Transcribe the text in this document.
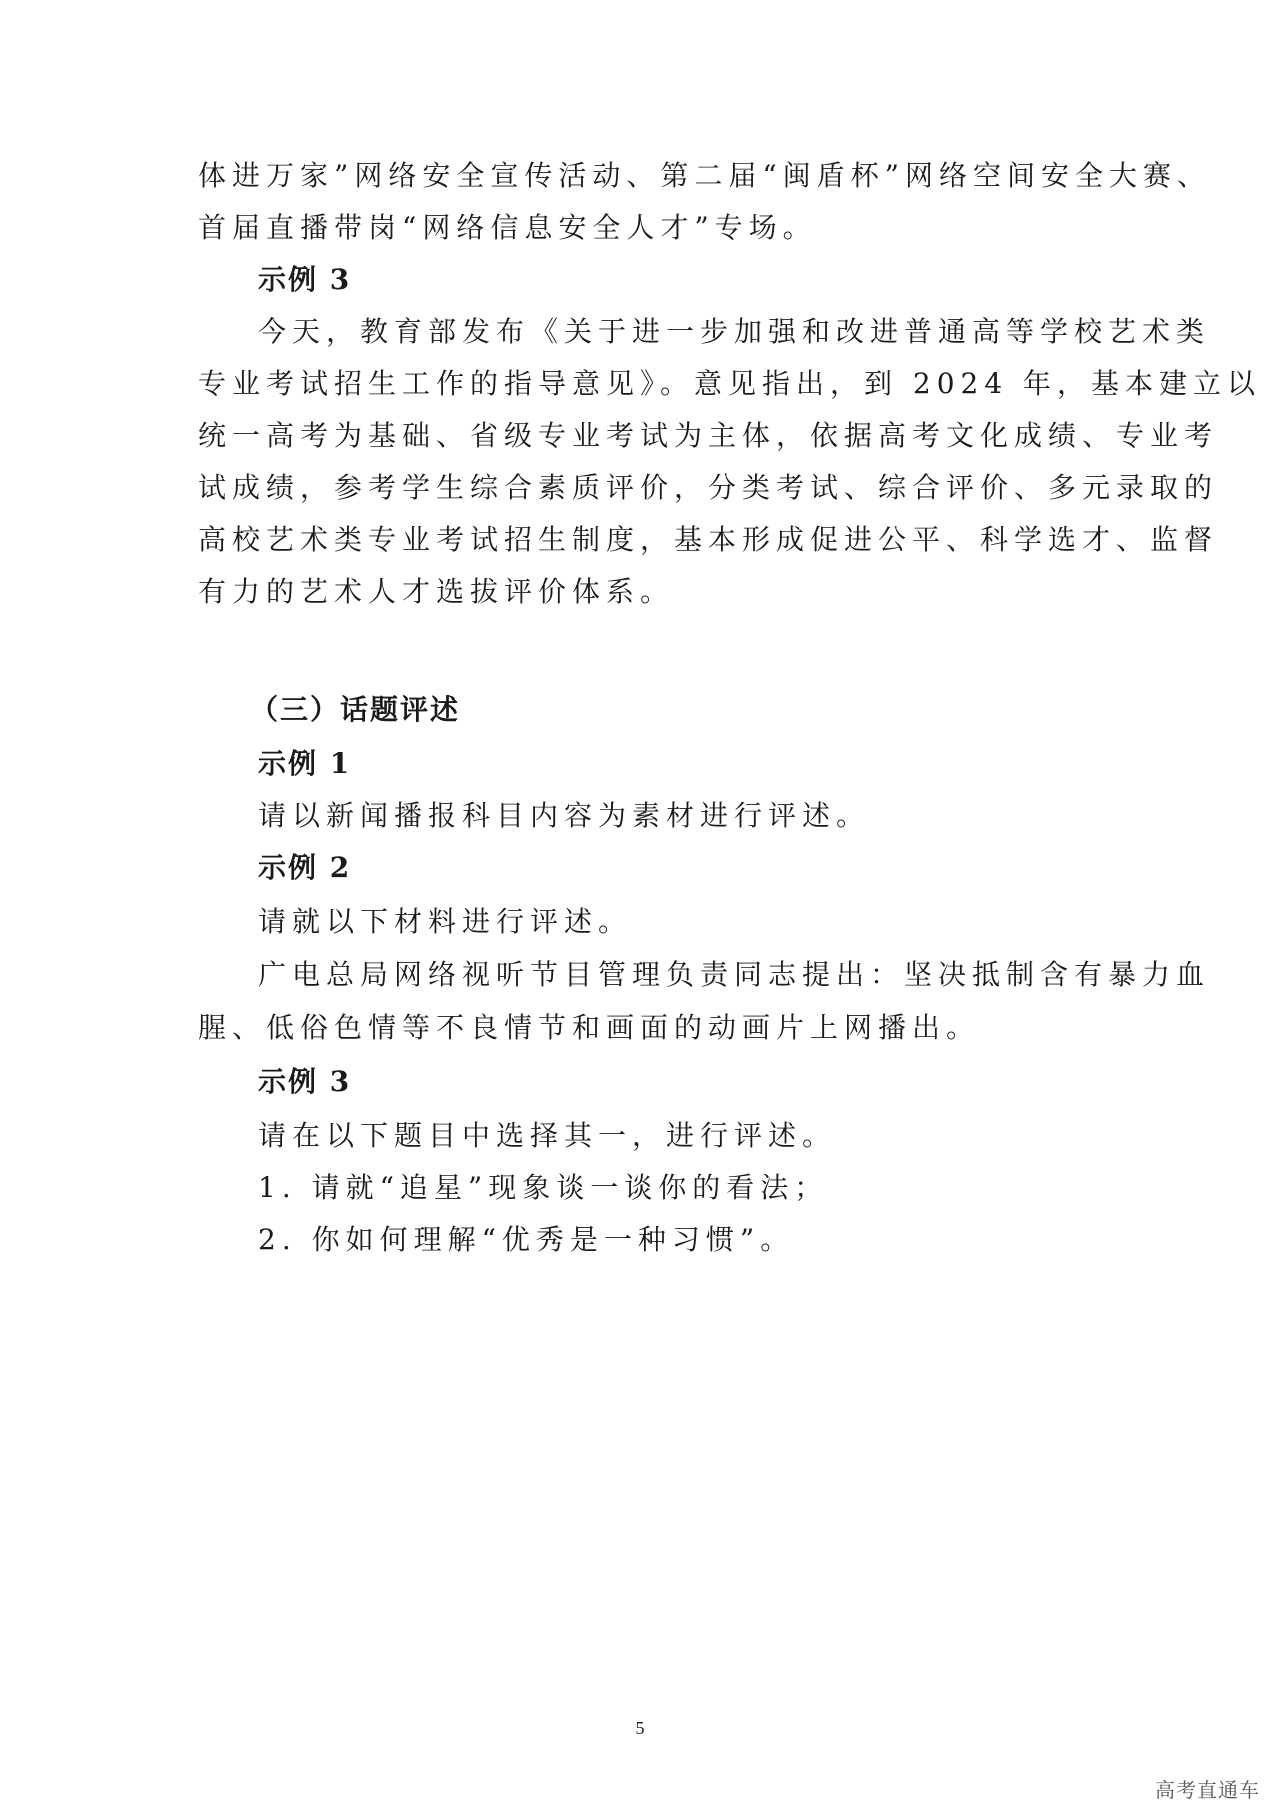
体进万家”网络安全宣传活动、第二届“闽盾杯”网络空间安全大赛、
首届直播带岗“网络信息安全人才”专场。
示例 3
今天，教育部发布《关于进一步加强和改进普通高等学校艺术类
专业考试招生工作的指导意见》。意见指出，到 2024 年，基本建立以
统一高考为基础、省级专业考试为主体，依据高考文化成绩、专业考
试成绩，参考学生综合素质评价，分类考试、综合评价、多元录取的
高校艺术类专业考试招生制度，基本形成促进公平、科学选才、监督
有力的艺术人才选拔评价体系。
（三）话题评述
示例 1
请以新闻播报科目内容为素材进行评述。
示例 2
请就以下材料进行评述。
广电总局网络视听节目管理负责同志提出：坚决抵制含有暴力血
腥、低俗色情等不良情节和画面的动画片上网播出。
示例 3
请在以下题目中选择其一，进行评述。
1. 请就“追星”现象谈一谈你的看法；
2. 你如何理解“优秀是一种习惯”。
5
高考直通车
